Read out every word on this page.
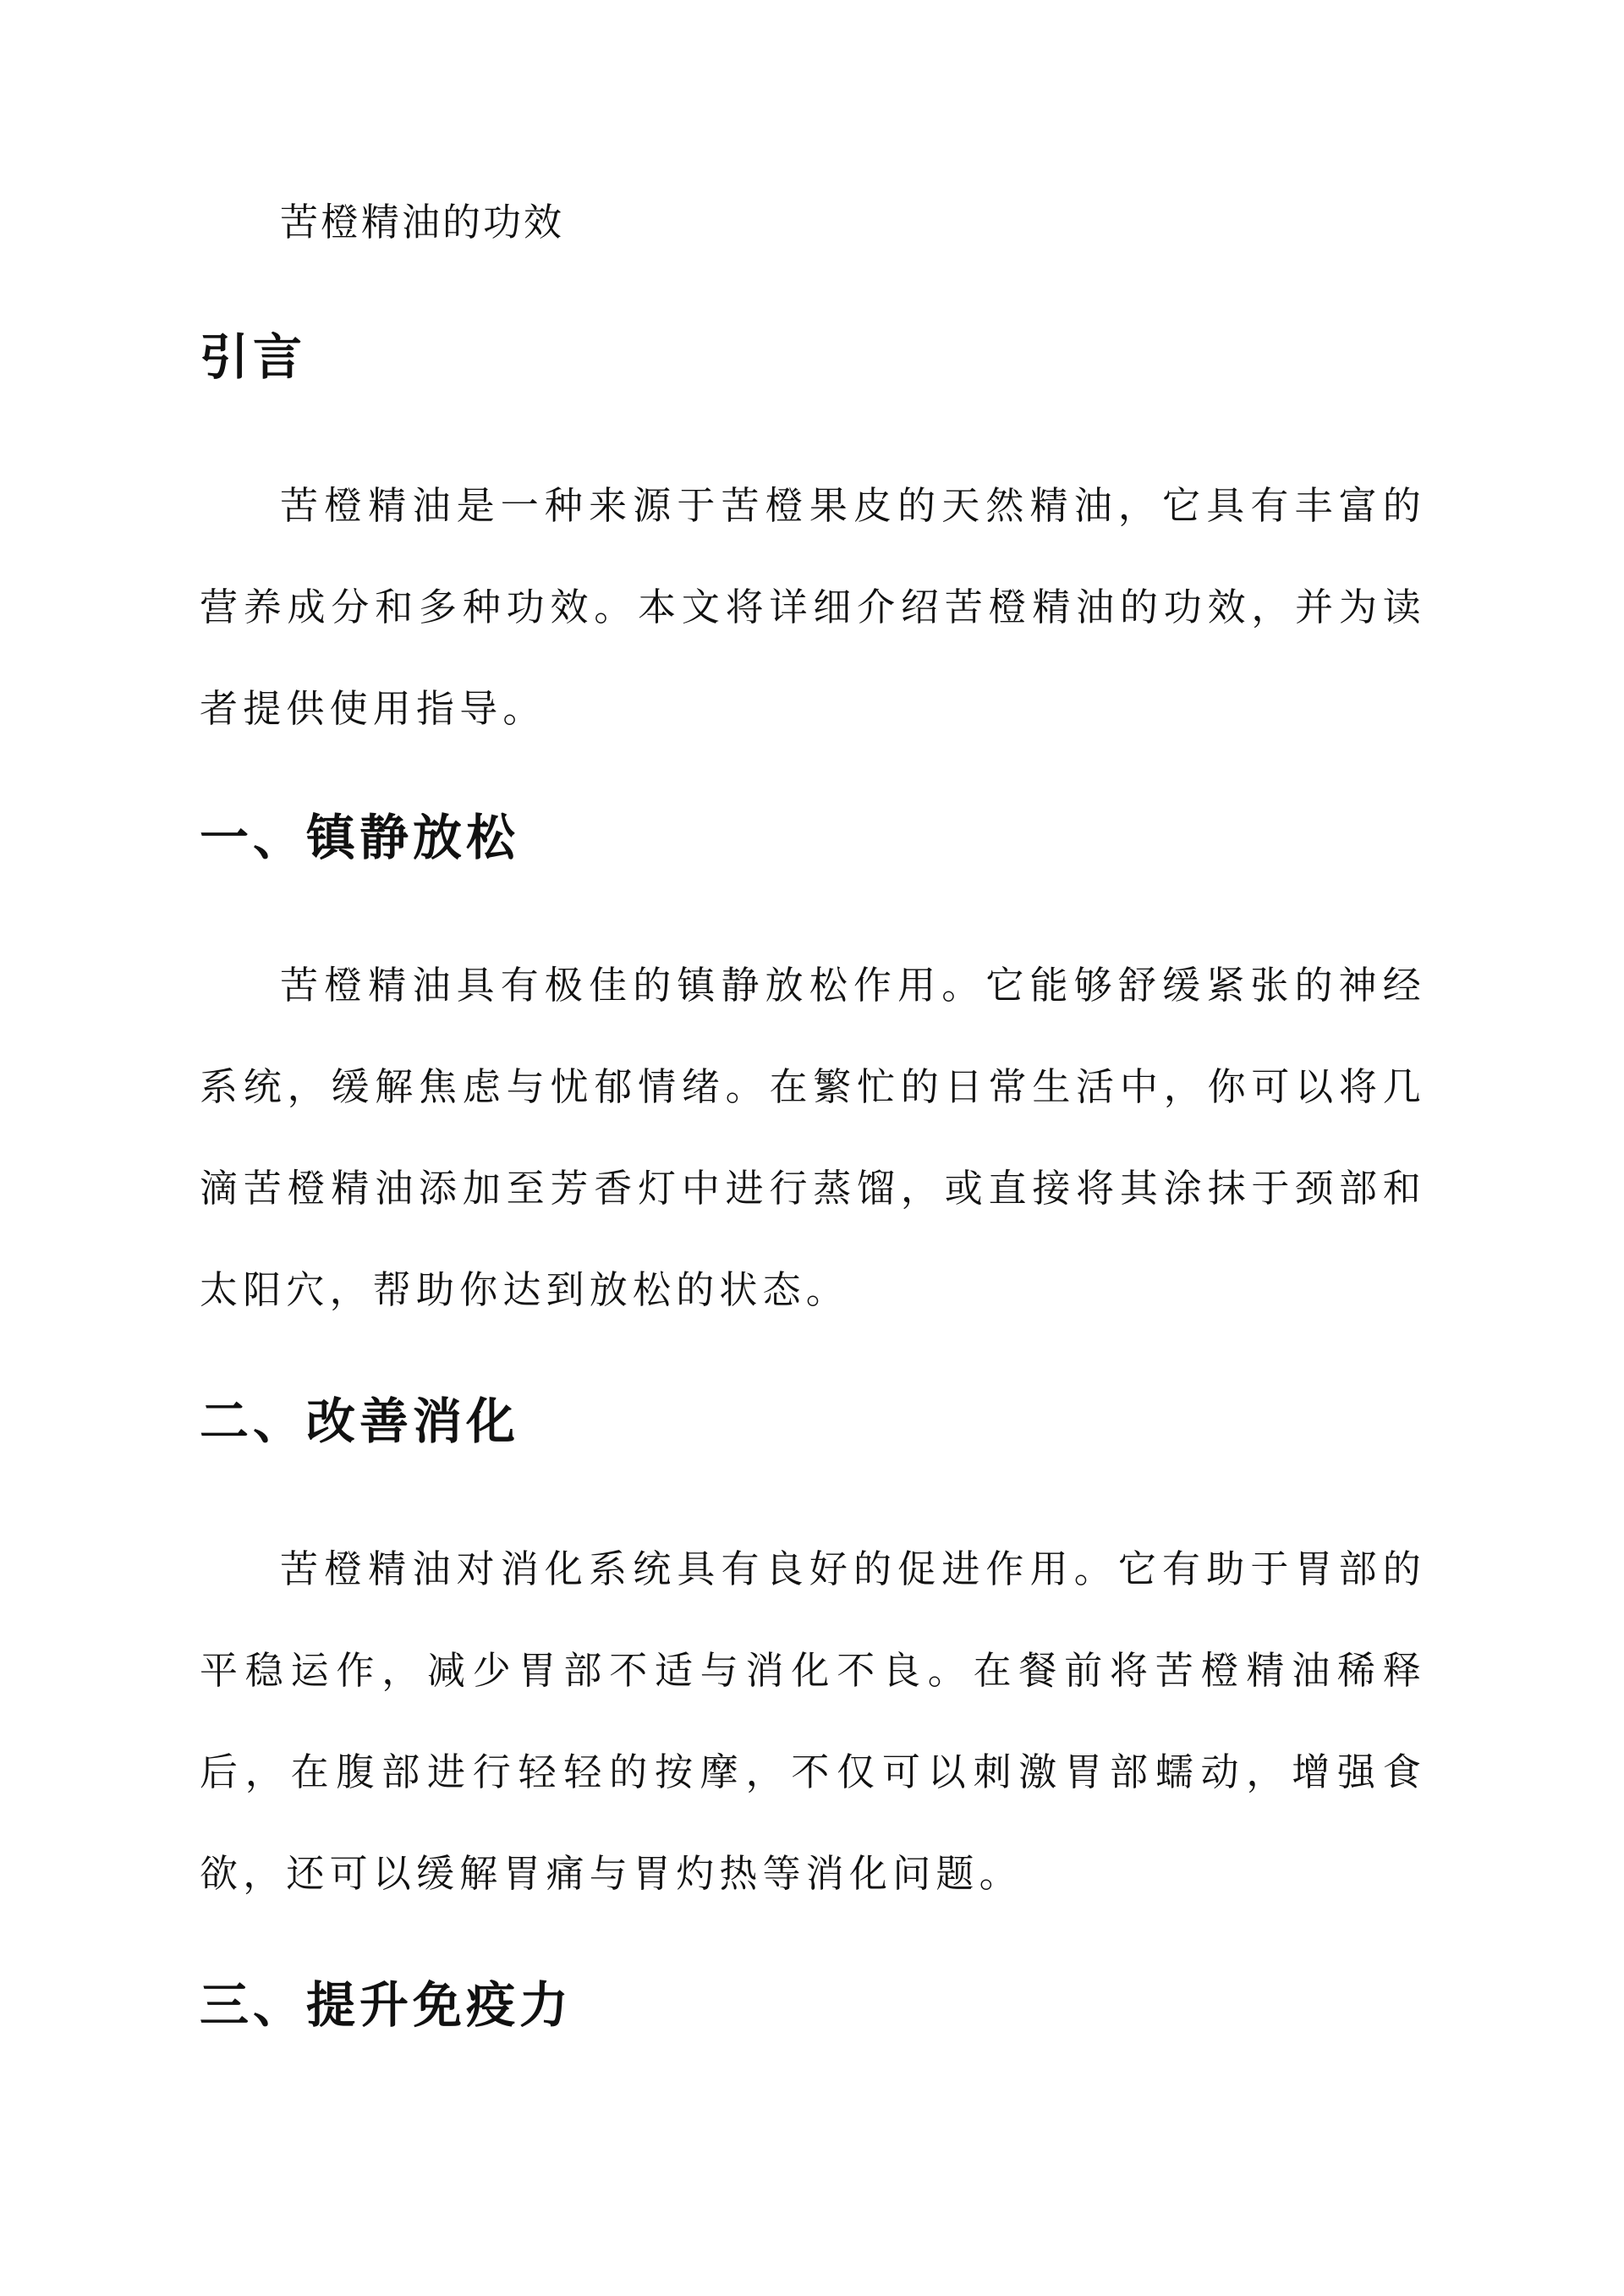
苦橙精油的功效
引言

苦橙精油是一种来源于苦橙果皮的天然精油，它具有丰富的营养成分和多种功效。本文将详细介绍苦橙精油的功效，并为读者提供使用指导。

一、镇静放松

苦橙精油具有极佳的镇静放松作用。它能够舒缓紧张的神经系统，缓解焦虑与忧郁情绪。在繁忙的日常生活中，你可以将几滴苦橙精油添加至芳香灯中进行蒸馏，或直接将其涂抹于颈部和太阳穴，帮助你达到放松的状态。

二、改善消化

苦橙精油对消化系统具有良好的促进作用。它有助于胃部的平稳运作，减少胃部不适与消化不良。在餐前将苦橙精油稀释后，在腹部进行轻轻的按摩，不仅可以刺激胃部蠕动，增强食欲，还可以缓解胃痛与胃灼热等消化问题。

三、提升免疫力
